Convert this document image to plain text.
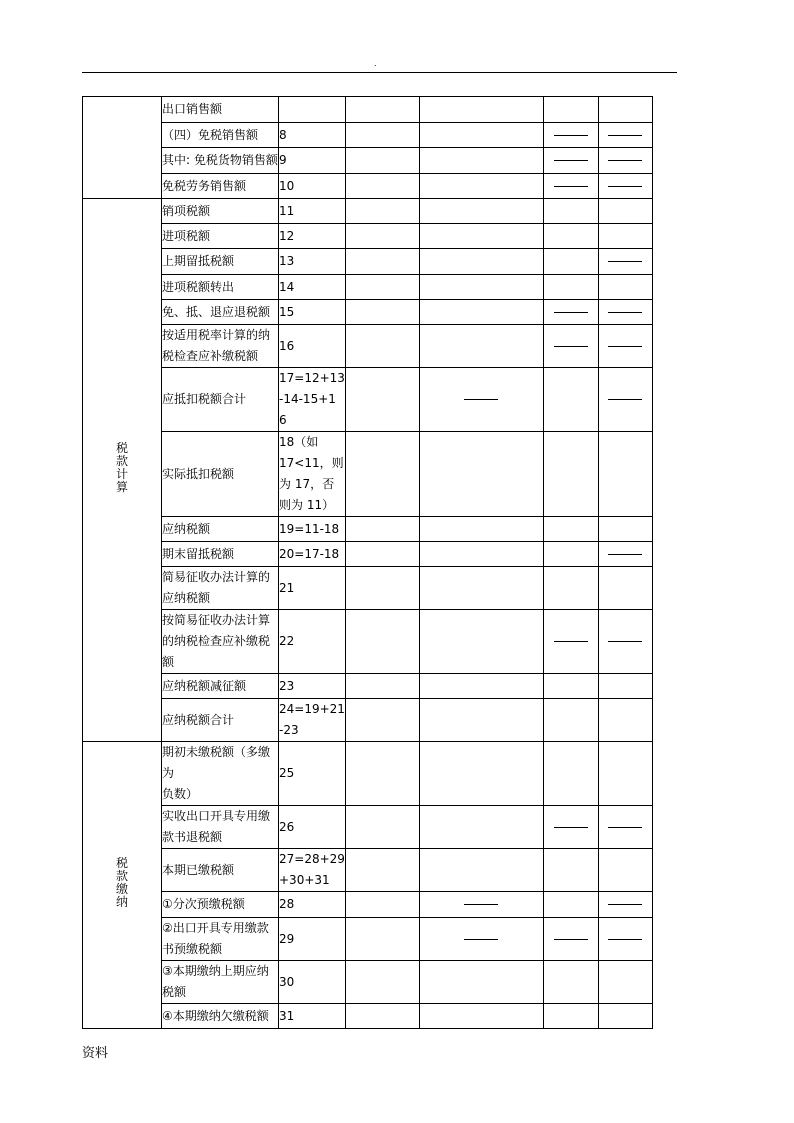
.

	出口销售额					

	（四）免税销售额	8				

	其中: 免税货物销售额	9				

	免税劳务销售额	10				

税款计算	销项税额	11				

	进项税额	12				

	上期留抵税额	13				

	进项税额转出	14				

	免、抵、退应退税额	15				

	按适用税率计算的纳
税检查应补缴税额	16				

	应抵扣税额合计	17=12+13
-14-15+1
6				

	实际抵扣税额	18（如
17<11，则
为 17，否
则为 11）				

	应纳税额	19=11-18				

	期末留抵税额	20=17-18				

	简易征收办法计算的
应纳税额	21				

	按简易征收办法计算
的纳税检查应补缴税
额	22				

	应纳税额减征额	23				

	应纳税额合计	24=19+21
-23				

税款缴纳	期初未缴税额（多缴为
负数）	25				

	实收出口开具专用缴
款书退税额	26				

	本期已缴税额	27=28+29
+30+31				

	①分次预缴税额	28				

	②出口开具专用缴款
书预缴税额	29				

	③本期缴纳上期应纳
税额	30				

	④本期缴纳欠缴税额	31				

资料
